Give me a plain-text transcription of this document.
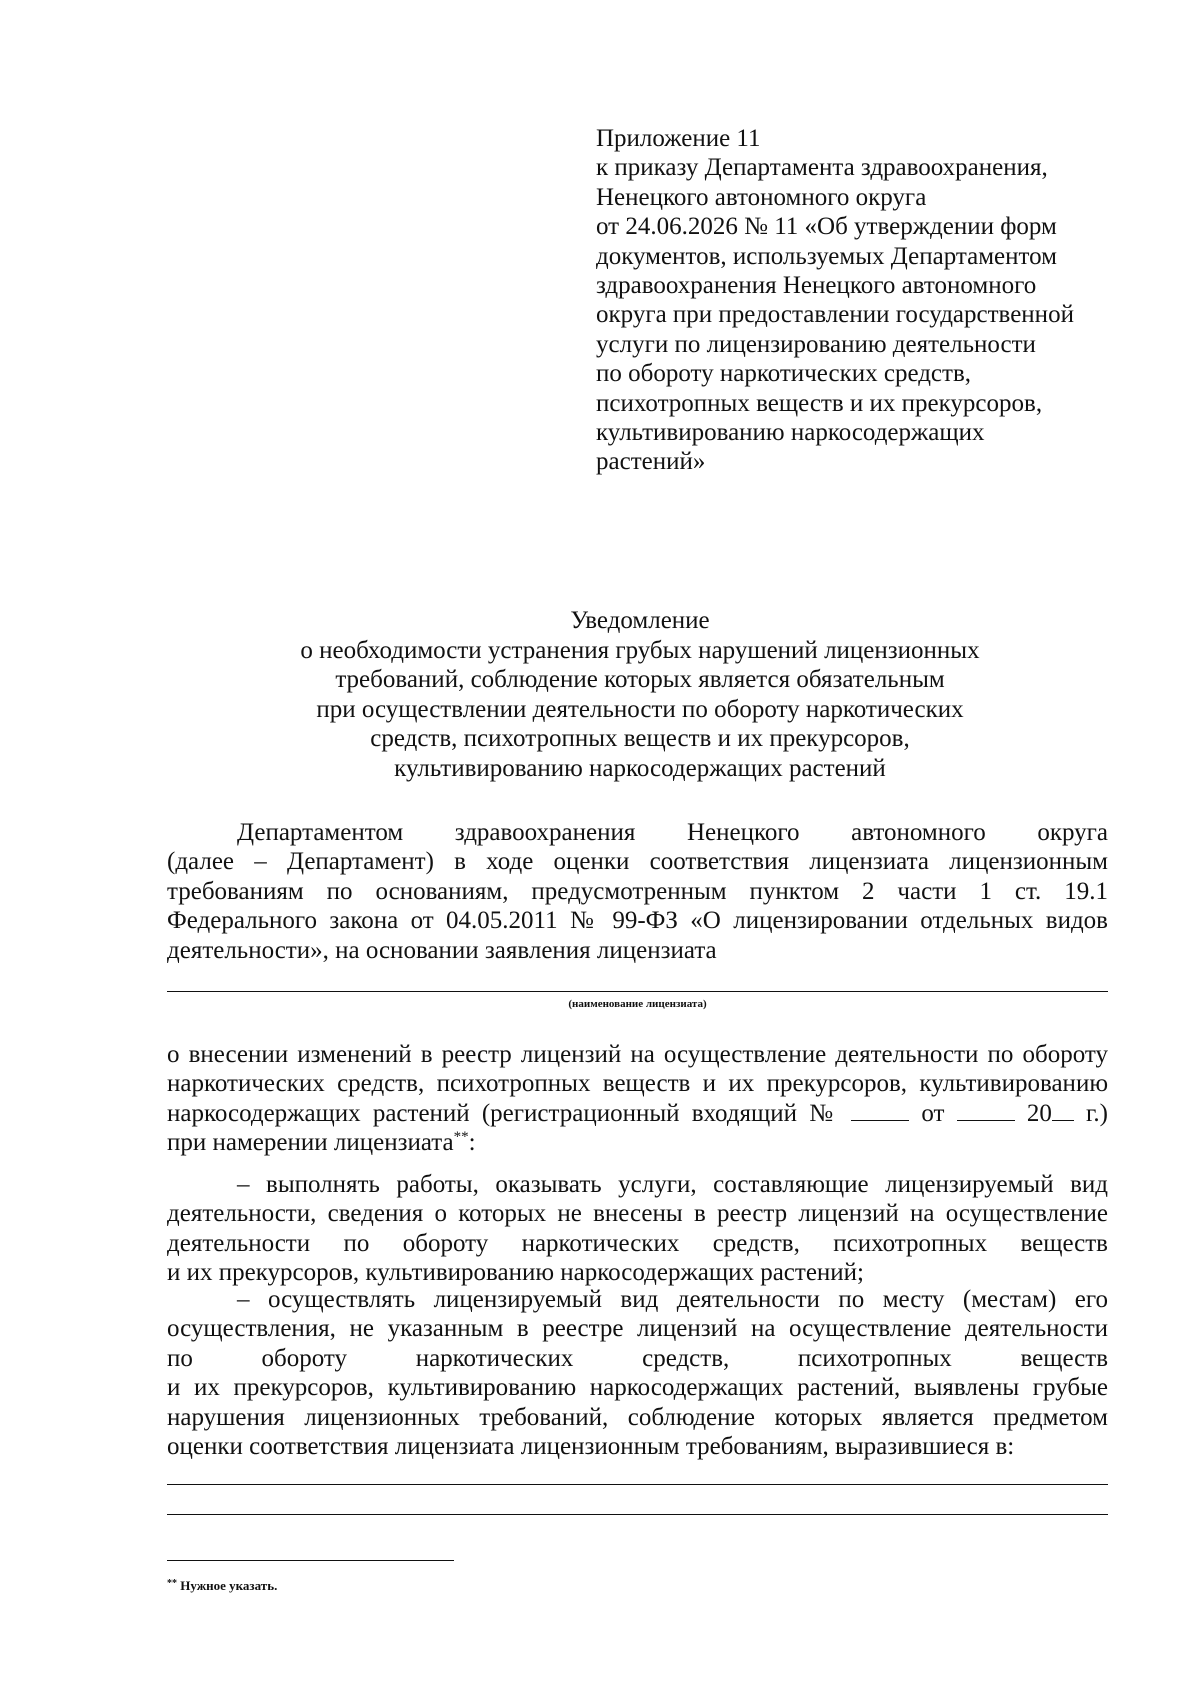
Приложение 11
к приказу Департамента здравоохранения,
Ненецкого автономного округа
от 24.06.2026 № 11 «Об утверждении форм
документов, используемых Департаментом
здравоохранения Ненецкого автономного
округа при предоставлении государственной
услуги по лицензированию деятельности
по обороту наркотических средств,
психотропных веществ и их прекурсоров,
культивированию наркосодержащих
растений»
Уведомление
о необходимости устранения грубых нарушений лицензионных
требований, соблюдение которых является обязательным
при осуществлении деятельности по обороту наркотических
средств, психотропных веществ и их прекурсоров,
культивированию наркосодержащих растений
Департаментом здравоохранения Ненецкого автономного округа
(далее – Департамент) в ходе оценки соответствия лицензиата лицензионным
требованиям по основаниям, предусмотренным пунктом 2 части 1 ст. 19.1
Федерального закона от 04.05.2011 № 99-ФЗ «О лицензировании отдельных видов
деятельности», на основании заявления лицензиата
(наименование лицензиата)
о внесении изменений в реестр лицензий на осуществление деятельности по обороту
наркотических средств, психотропных веществ и их прекурсоров, культивированию
наркосодержащих растений (регистрационный входящий №	от	20 г.)
при намерении лицензиата**:
– выполнять работы, оказывать услуги, составляющие лицензируемый вид
деятельности, сведения о которых не внесены в реестр лицензий на осуществление
деятельности по обороту наркотических средств, психотропных веществ
и их прекурсоров, культивированию наркосодержащих растений;
– осуществлять лицензируемый вид деятельности по месту (местам) его
осуществления, не указанным в реестре лицензий на осуществление деятельности
по обороту наркотических средств, психотропных веществ
и их прекурсоров, культивированию наркосодержащих растений, выявлены грубые
нарушения лицензионных требований, соблюдение которых является предметом
оценки соответствия лицензиата лицензионным требованиям, выразившиеся в:
** Нужное указать.
